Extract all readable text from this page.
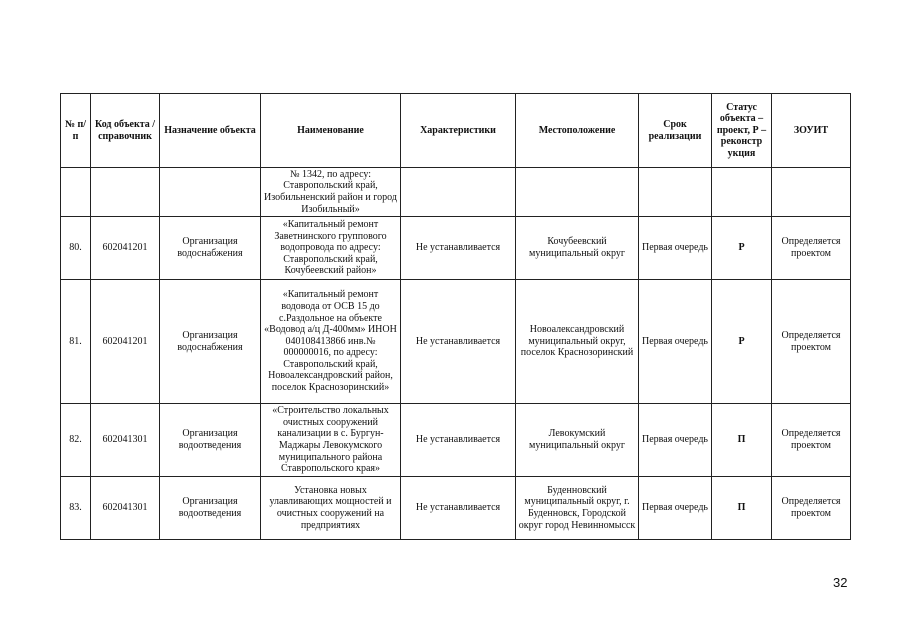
№ п/п	Код объекта / справочник	Назначение объекта	Наименование	Характеристики	Местоположение	Срок реализации	Статус объекта – проект, Р – реконстр укция	ЗОУИТ
			№ 1342, по адресу: Ставропольский край, Изобильненский район и город Изобильный»					
80.	602041201	Организация водоснабжения	«Капитальный ремонт Заветнинского группового водопровода по адресу: Ставропольский край, Кочубеевский район»	Не устанавливается	Кочубеевский муниципальный округ	Первая очередь	Р	Определяется проектом
81.	602041201	Организация водоснабжения	«Капитальный ремонт водовода от ОСВ 15 до с.Раздольное на объекте «Водовод а/ц Д-400мм» ИНОН 040108413866 инв.№ 000000016, по адресу: Ставропольский край, Новоалександровский район, поселок Краснозоринский»	Не устанавливается	Новоалександровский муниципальный округ, поселок Краснозоринский	Первая очередь	Р	Определяется проектом
82.	602041301	Организация водоотведения	«Строительство локальных очистных сооружений канализации в с. Бургун-Маджары Левокумского муниципального района Ставропольского края»	Не устанавливается	Левокумский муниципальный округ	Первая очередь	П	Определяется проектом
83.	602041301	Организация водоотведения	Установка новых улавливающих мощностей и очистных сооружений на предприятиях	Не устанавливается	Буденновский муниципальный округ, г. Буденновск, Городской округ город Невинномысск	Первая очередь	П	Определяется проектом
32
